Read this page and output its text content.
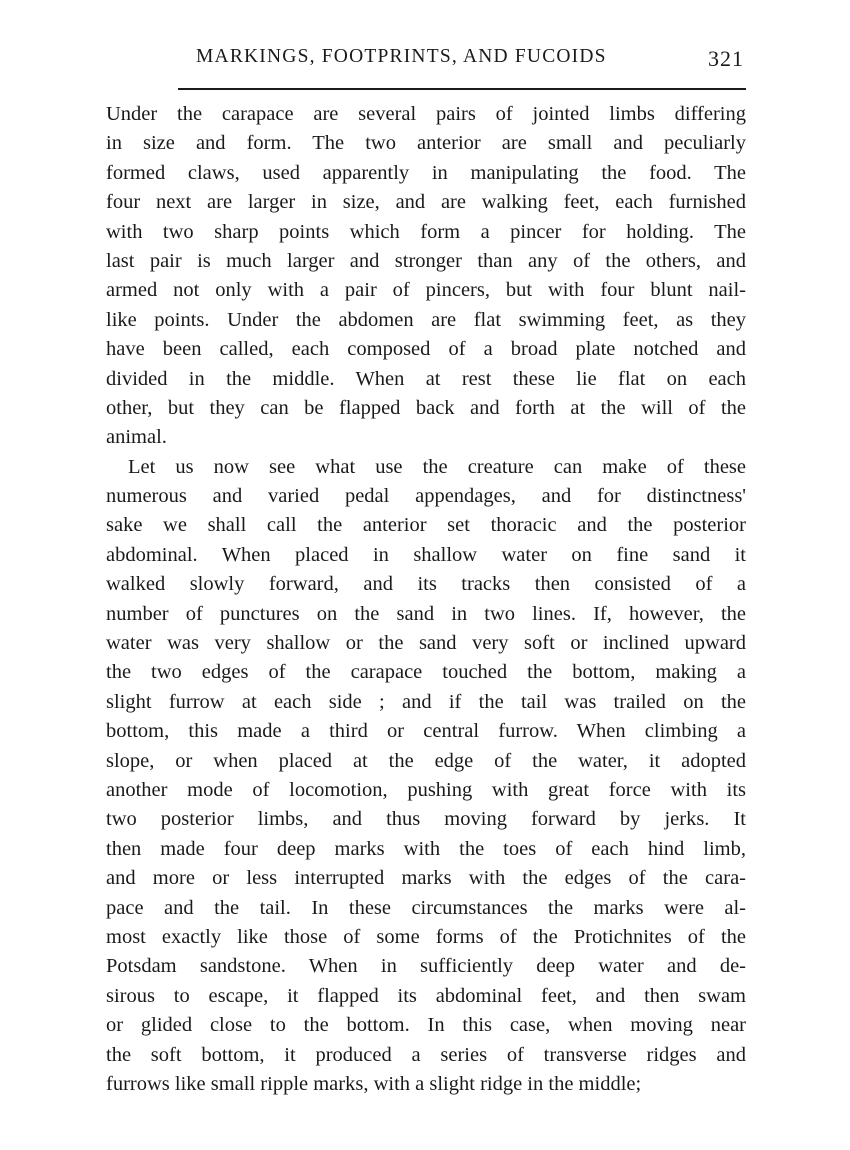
MARKINGS, FOOTPRINTS, AND FUCOIDS	321
Under the carapace are several pairs of jointed limbs differing
in size and form. The two anterior are small and peculiarly
formed claws, used apparently in manipulating the food. The
four next are larger in size, and are walking feet, each furnished
with two sharp points which form a pincer for holding. The
last pair is much larger and stronger than any of the others, and
armed not only with a pair of pincers, but with four blunt nail-
like points. Under the abdomen are flat swimming feet, as they
have been called, each composed of a broad plate notched and
divided in the middle. When at rest these lie flat on each
other, but they can be flapped back and forth at the will of the
animal.
Let us now see what use the creature can make of these
numerous and varied pedal appendages, and for distinctness'
sake we shall call the anterior set thoracic and the posterior
abdominal. When placed in shallow water on fine sand it
walked slowly forward, and its tracks then consisted of a
number of punctures on the sand in two lines. If, however, the
water was very shallow or the sand very soft or inclined upward
the two edges of the carapace touched the bottom, making a
slight furrow at each side ; and if the tail was trailed on the
bottom, this made a third or central furrow. When climbing a
slope, or when placed at the edge of the water, it adopted
another mode of locomotion, pushing with great force with its
two posterior limbs, and thus moving forward by jerks. It
then made four deep marks with the toes of each hind limb,
and more or less interrupted marks with the edges of the cara-
pace and the tail. In these circumstances the marks were al-
most exactly like those of some forms of the Protichnites of the
Potsdam sandstone. When in sufficiently deep water and de-
sirous to escape, it flapped its abdominal feet, and then swam
or glided close to the bottom. In this case, when moving near
the soft bottom, it produced a series of transverse ridges and
furrows like small ripple marks, with a slight ridge in the middle;
